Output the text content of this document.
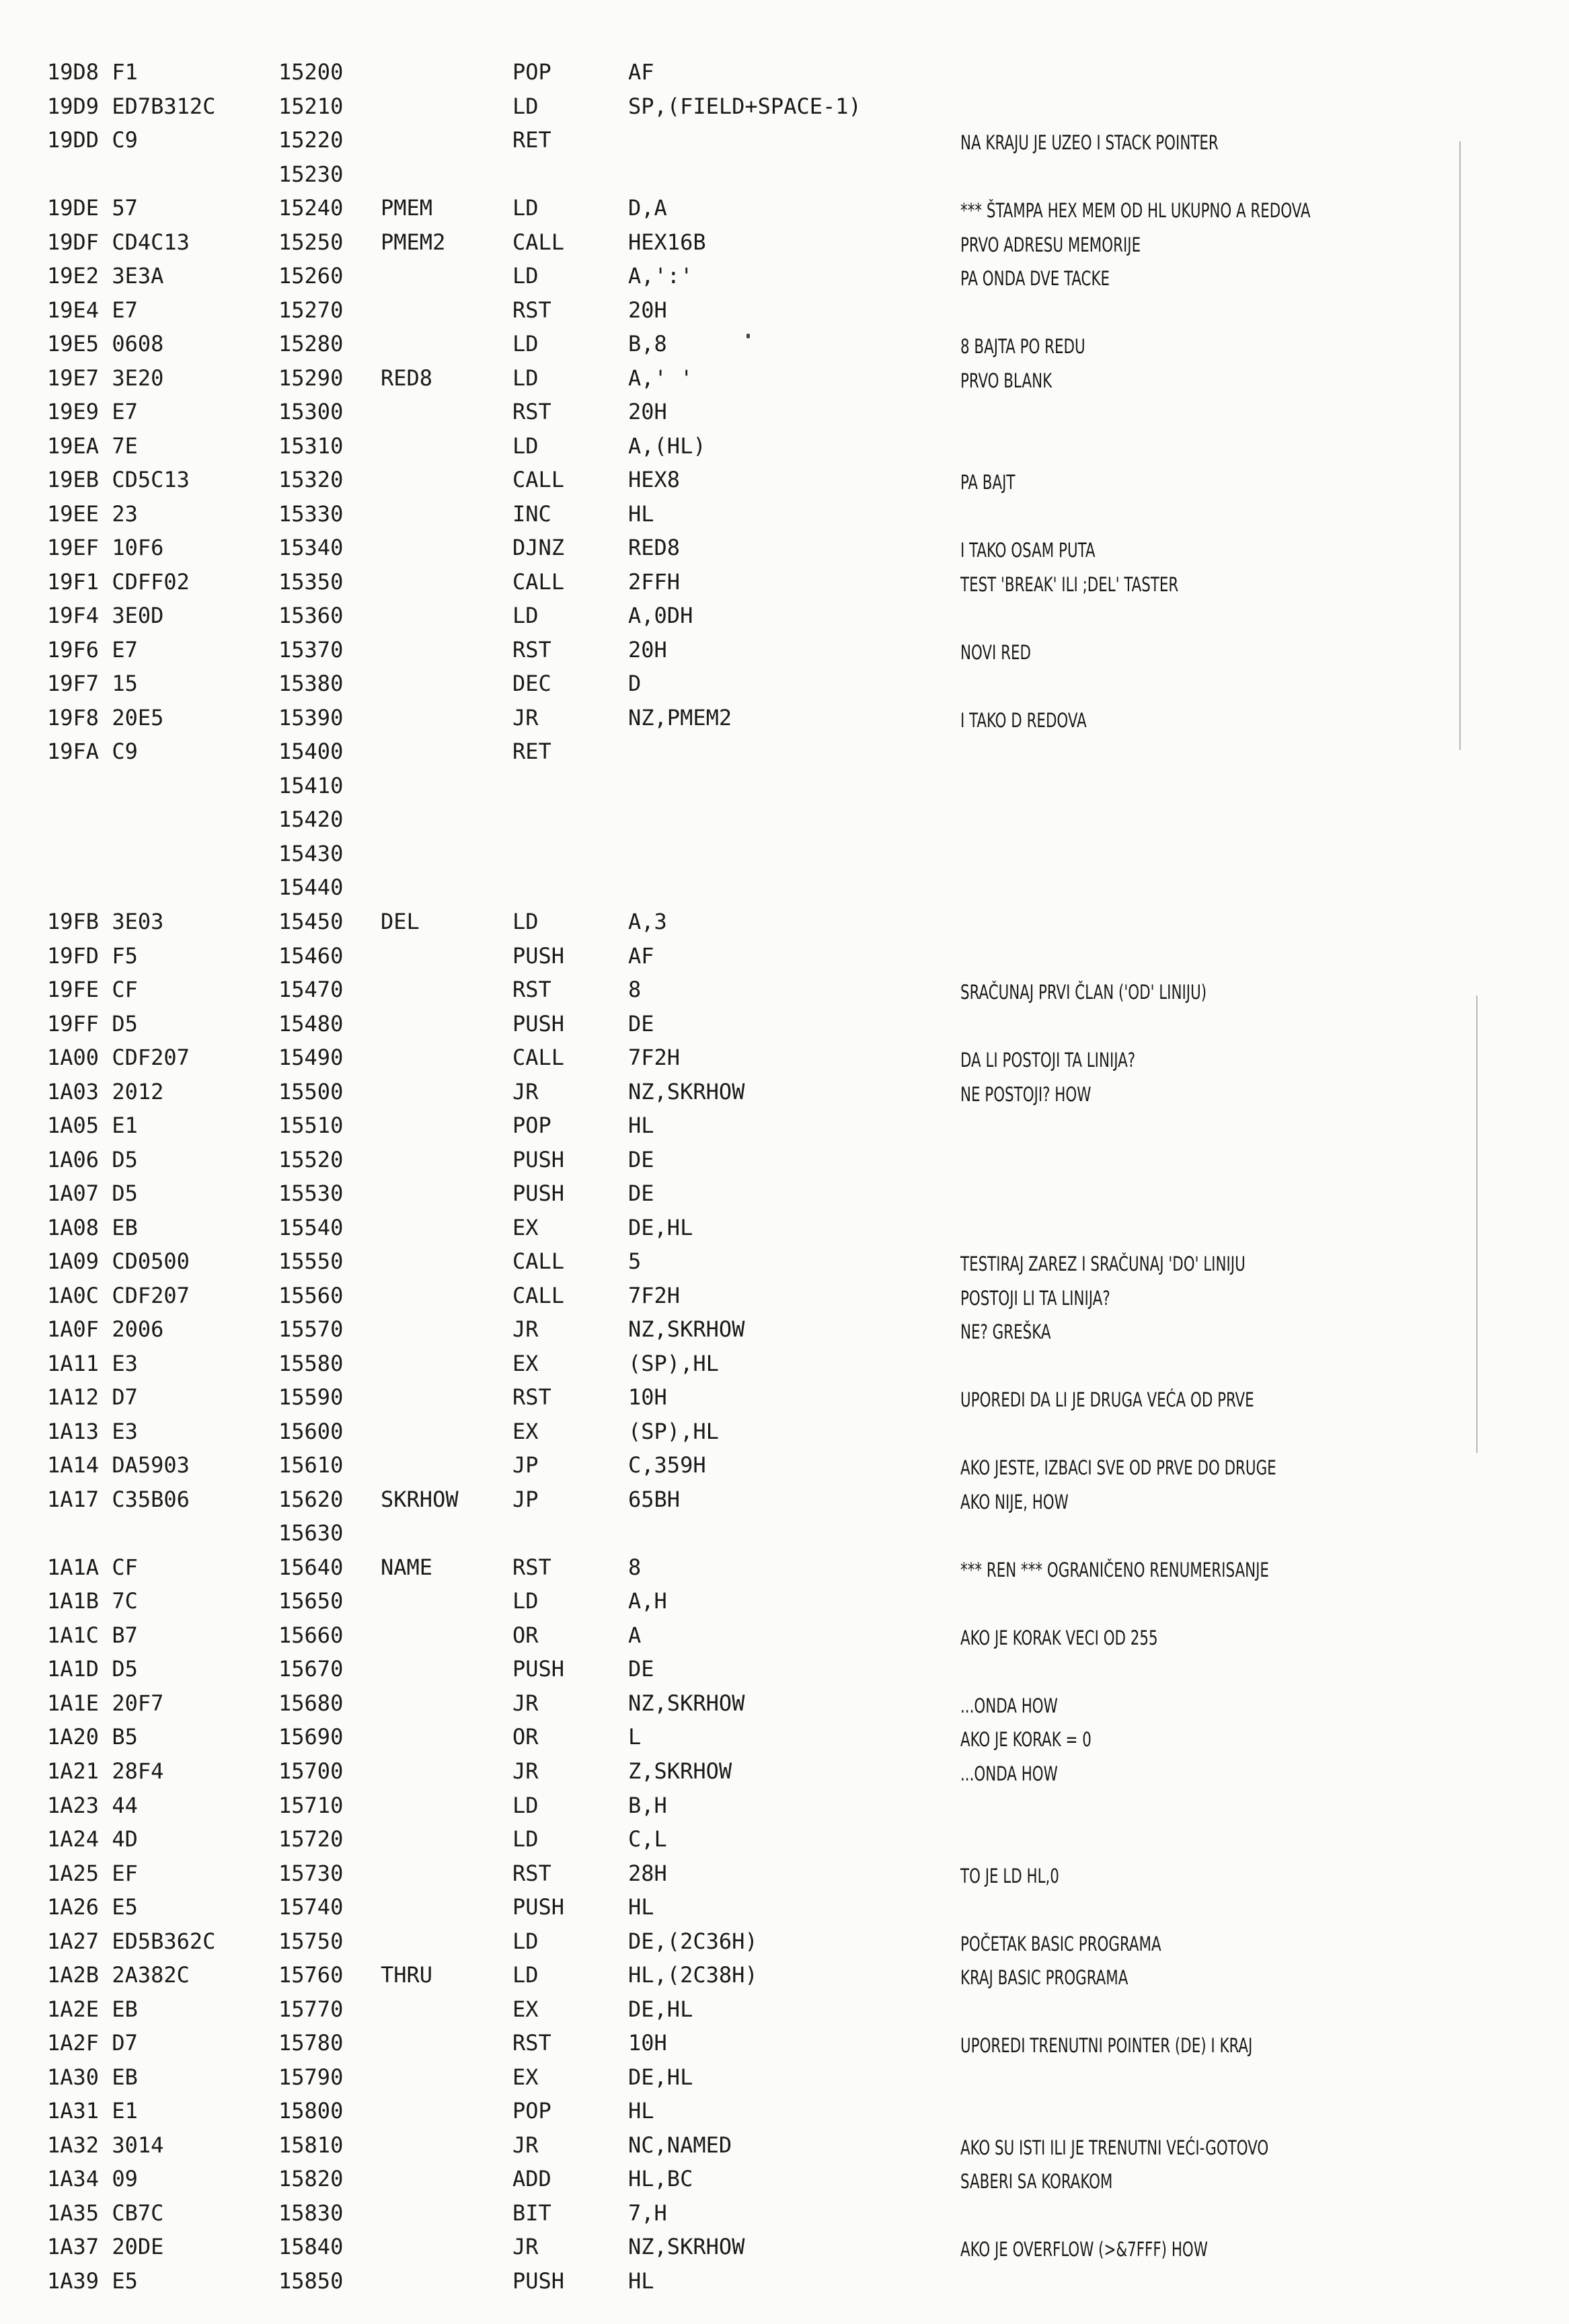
19D8 F1	15200	POP	AF
19D9 ED7B312C	15210	LD	SP,(FIELD+SPACE-1)
19DD C9	15220	RET	NA KRAJU JE UZEO I STACK POINTER
15230
19DE 57	15240 PMEM	LD	D,A	*** ŠTAMPA HEX MEM OD HL UKUPNO A REDOVA
19DF CD4C13	15250 PMEM2	CALL	HEX16B	PRVO ADRESU MEMORIJE
19E2 3E3A	15260	LD	A,':'	PA ONDA DVE TACKE
19E4 E7	15270	RST	20H
19E5 0608	15280	LD	B,8	8 BAJTA PO REDU
19E7 3E20	15290 RED8	LD	A,' '	PRVO BLANK
19E9 E7	15300	RST	20H
19EA 7E	15310	LD	A,(HL)
19EB CD5C13	15320	CALL	HEX8	PA BAJT
19EE 23	15330	INC	HL
19EF 10F6	15340	DJNZ	RED8	I TAKO OSAM PUTA
19F1 CDFF02	15350	CALL	2FFH	TEST 'BREAK' ILI ;DEL' TASTER
19F4 3E0D	15360	LD	A,0DH
19F6 E7	15370	RST	20H	NOVI RED
19F7 15	15380	DEC	D
19F8 20E5	15390	JR	NZ,PMEM2	I TAKO D REDOVA
19FA C9	15400	RET
15410
15420
15430
15440
19FB 3E03	15450 DEL	LD	A,3
19FD F5	15460	PUSH	AF
19FE CF	15470	RST	8	SRAČUNAJ PRVI ČLAN ('OD' LINIJU)
19FF D5	15480	PUSH	DE
1A00 CDF207	15490	CALL	7F2H	DA LI POSTOJI TA LINIJA?
1A03 2012	15500	JR	NZ,SKRHOW	NE POSTOJI? HOW
1A05 E1	15510	POP	HL
1A06 D5	15520	PUSH	DE
1A07 D5	15530	PUSH	DE
1A08 EB	15540	EX	DE,HL
1A09 CD0500	15550	CALL	5	TESTIRAJ ZAREZ I SRAČUNAJ 'DO' LINIJU
1A0C CDF207	15560	CALL	7F2H	POSTOJI LI TA LINIJA?
1A0F 2006	15570	JR	NZ,SKRHOW	NE? GREŠKA
1A11 E3	15580	EX	(SP),HL
1A12 D7	15590	RST	10H	UPOREDI DA LI JE DRUGA VEĆA OD PRVE
1A13 E3	15600	EX	(SP),HL
1A14 DA5903	15610	JP	C,359H	AKO JESTE, IZBACI SVE OD PRVE DO DRUGE
1A17 C35B06	15620 SKRHOW	JP	65BH	AKO NIJE, HOW
15630
1A1A CF	15640 NAME	RST	8	*** REN *** OGRANIČENO RENUMERISANJE
1A1B 7C	15650	LD	A,H
1A1C B7	15660	OR	A	AKO JE KORAK VECI OD 255
1A1D D5	15670	PUSH	DE
1A1E 20F7	15680	JR	NZ,SKRHOW	...ONDA HOW
1A20 B5	15690	OR	L	AKO JE KORAK = 0
1A21 28F4	15700	JR	Z,SKRHOW	...ONDA HOW
1A23 44	15710	LD	B,H
1A24 4D	15720	LD	C,L
1A25 EF	15730	RST	28H	TO JE LD HL,0
1A26 E5	15740	PUSH	HL
1A27 ED5B362C	15750	LD	DE,(2C36H)	POČETAK BASIC PROGRAMA
1A2B 2A382C	15760 THRU	LD	HL,(2C38H)	KRAJ BASIC PROGRAMA
1A2E EB	15770	EX	DE,HL
1A2F D7	15780	RST	10H	UPOREDI TRENUTNI POINTER (DE) I KRAJ
1A30 EB	15790	EX	DE,HL
1A31 E1	15800	POP	HL
1A32 3014	15810	JR	NC,NAMED	AKO SU ISTI ILI JE TRENUTNI VEĆI-GOTOVO
1A34 09	15820	ADD	HL,BC	SABERI SA KORAKOM
1A35 CB7C	15830	BIT	7,H
1A37 20DE	15840	JR	NZ,SKRHOW	AKO JE OVERFLOW (>&7FFF) HOW
1A39 E5	15850	PUSH	HL
